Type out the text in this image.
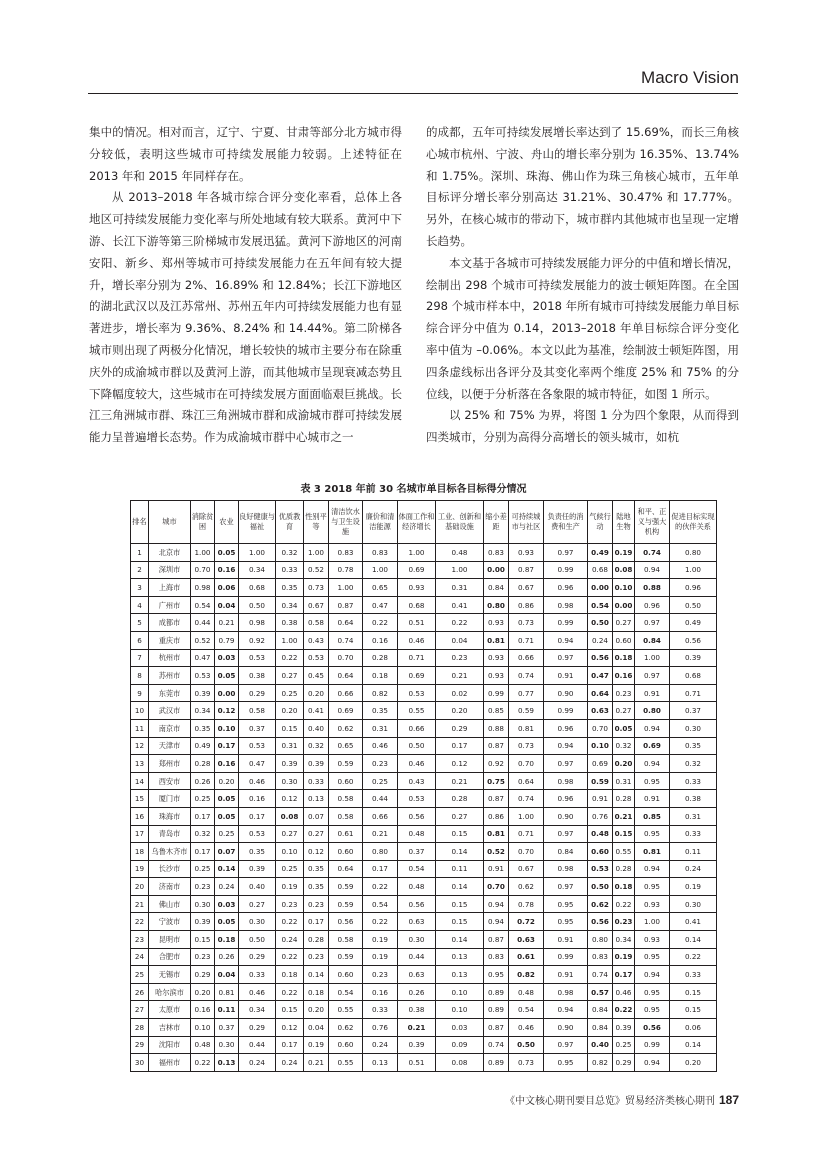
Macro Vision

集中的情况。相对而言，辽宁、宁夏、甘肃等部分北方城市得分较低，表明这些城市可持续发展能力较弱。上述特征在 2013 年和 2015 年同样存在。

从 2013–2018 年各城市综合评分变化率看，总体上各地区可持续发展能力变化率与所处地域有较大联系。黄河中下游、长江下游等第三阶梯城市发展迅猛。黄河下游地区的河南安阳、新乡、郑州等城市可持续发展能力在五年间有较大提升，增长率分别为 2%、16.89% 和 12.84%；长江下游地区的湖北武汉以及江苏常州、苏州五年内可持续发展能力也有显著进步，增长率为 9.36%、8.24% 和 14.44%。第二阶梯各城市则出现了两极分化情况，增长较快的城市主要分布在除重庆外的成渝城市群以及黄河上游，而其他城市呈现衰减态势且下降幅度较大，这些城市在可持续发展方面面临艰巨挑战。长江三角洲城市群、珠江三角洲城市群和成渝城市群可持续发展能力呈普遍增长态势。作为成渝城市群中心城市之一

的成都，五年可持续发展增长率达到了 15.69%，而长三角核心城市杭州、宁波、舟山的增长率分别为 16.35%、13.74% 和 1.75%。深圳、珠海、佛山作为珠三角核心城市，五年单目标评分增长率分别高达 31.21%、30.47% 和 17.77%。另外，在核心城市的带动下，城市群内其他城市也呈现一定增长趋势。

本文基于各城市可持续发展能力评分的中值和增长情况，绘制出 298 个城市可持续发展能力的波士顿矩阵图。在全国 298 个城市样本中，2018 年所有城市可持续发展能力单目标综合评分中值为 0.14，2013–2018 年单目标综合评分变化率中值为 –0.06%。本文以此为基准，绘制波士顿矩阵图，用四条虚线标出各评分及其变化率两个维度 25% 和 75% 的分位线，以便于分析落在各象限的城市特征，如图 1 所示。

以 25% 和 75% 为界，将图 1 分为四个象限，从而得到四类城市，分别为高得分高增长的领头城市，如杭

表 3 2018 年前 30 名城市单目标各目标得分情况
排名	城市	消除贫困	农业	良好健康与福祉	优质教育	性别平等	清洁饮水与卫生设施	廉价和清洁能源	体面工作和经济增长	工业、创新和基础设施	缩小差距	可持续城市与社区	负责任的消费和生产	气候行动	陆地生物	和平、正义与强大机构	促进目标实现的伙伴关系
1	北京市	1.00	0.05	1.00	0.32	1.00	0.83	0.83	1.00	0.48	0.83	0.93	0.97	0.49	0.19	0.74	0.80
2	深圳市	0.70	0.16	0.34	0.33	0.52	0.78	1.00	0.69	1.00	0.00	0.87	0.99	0.68	0.08	0.94	1.00
3	上海市	0.98	0.06	0.68	0.35	0.73	1.00	0.65	0.93	0.31	0.84	0.67	0.96	0.00	0.10	0.88	0.96
4	广州市	0.54	0.04	0.50	0.34	0.67	0.87	0.47	0.68	0.41	0.80	0.86	0.98	0.54	0.00	0.96	0.50
5	成都市	0.44	0.21	0.98	0.38	0.58	0.64	0.22	0.51	0.22	0.93	0.73	0.99	0.50	0.27	0.97	0.49
6	重庆市	0.52	0.79	0.92	1.00	0.43	0.74	0.16	0.46	0.04	0.81	0.71	0.94	0.24	0.60	0.84	0.56
7	杭州市	0.47	0.03	0.53	0.22	0.53	0.70	0.28	0.71	0.23	0.93	0.66	0.97	0.56	0.18	1.00	0.39
8	苏州市	0.53	0.05	0.38	0.27	0.45	0.64	0.18	0.69	0.21	0.93	0.74	0.91	0.47	0.16	0.97	0.68
9	东莞市	0.39	0.00	0.29	0.25	0.20	0.66	0.82	0.53	0.02	0.99	0.77	0.90	0.64	0.23	0.91	0.71
10	武汉市	0.34	0.12	0.58	0.20	0.41	0.69	0.35	0.55	0.20	0.85	0.59	0.99	0.63	0.27	0.80	0.37
11	南京市	0.35	0.10	0.37	0.15	0.40	0.62	0.31	0.66	0.29	0.88	0.81	0.96	0.70	0.05	0.94	0.30
12	天津市	0.49	0.17	0.53	0.31	0.32	0.65	0.46	0.50	0.17	0.87	0.73	0.94	0.10	0.32	0.69	0.35
13	郑州市	0.28	0.16	0.47	0.39	0.39	0.59	0.23	0.46	0.12	0.92	0.70	0.97	0.69	0.20	0.94	0.32
14	西安市	0.26	0.20	0.46	0.30	0.33	0.60	0.25	0.43	0.21	0.75	0.64	0.98	0.59	0.31	0.95	0.33
15	厦门市	0.25	0.05	0.16	0.12	0.13	0.58	0.44	0.53	0.28	0.87	0.74	0.96	0.91	0.28	0.91	0.38
16	珠海市	0.17	0.05	0.17	0.08	0.07	0.58	0.66	0.56	0.27	0.86	1.00	0.90	0.76	0.21	0.85	0.31
17	青岛市	0.32	0.25	0.53	0.27	0.27	0.61	0.21	0.48	0.15	0.81	0.71	0.97	0.48	0.15	0.95	0.33
18	乌鲁木齐市	0.17	0.07	0.35	0.10	0.12	0.60	0.80	0.37	0.14	0.52	0.70	0.84	0.60	0.55	0.81	0.11
19	长沙市	0.25	0.14	0.39	0.25	0.35	0.64	0.17	0.54	0.11	0.91	0.67	0.98	0.53	0.28	0.94	0.24
20	济南市	0.23	0.24	0.40	0.19	0.35	0.59	0.22	0.48	0.14	0.70	0.62	0.97	0.50	0.18	0.95	0.19
21	佛山市	0.30	0.03	0.27	0.23	0.23	0.59	0.54	0.56	0.15	0.94	0.78	0.95	0.62	0.22	0.93	0.30
22	宁波市	0.39	0.05	0.30	0.22	0.17	0.56	0.22	0.63	0.15	0.94	0.72	0.95	0.56	0.23	1.00	0.41
23	昆明市	0.15	0.18	0.50	0.24	0.28	0.58	0.19	0.30	0.14	0.87	0.63	0.91	0.80	0.34	0.93	0.14
24	合肥市	0.23	0.26	0.29	0.22	0.23	0.59	0.19	0.44	0.13	0.83	0.61	0.99	0.83	0.19	0.95	0.22
25	无锡市	0.29	0.04	0.33	0.18	0.14	0.60	0.23	0.63	0.13	0.95	0.82	0.91	0.74	0.17	0.94	0.33
26	哈尔滨市	0.20	0.81	0.46	0.22	0.18	0.54	0.16	0.26	0.10	0.89	0.48	0.98	0.57	0.46	0.95	0.15
27	太原市	0.16	0.11	0.34	0.15	0.20	0.55	0.33	0.38	0.10	0.89	0.54	0.94	0.84	0.22	0.95	0.15
28	吉林市	0.10	0.37	0.29	0.12	0.04	0.62	0.76	0.21	0.03	0.87	0.46	0.90	0.84	0.39	0.56	0.06
29	沈阳市	0.48	0.30	0.44	0.17	0.19	0.60	0.24	0.39	0.09	0.74	0.50	0.97	0.40	0.25	0.99	0.14
30	福州市	0.22	0.13	0.24	0.24	0.21	0.55	0.13	0.51	0.08	0.89	0.73	0.95	0.82	0.29	0.94	0.20
《中文核心期刊要目总览》贸易经济类核心期刊 187
